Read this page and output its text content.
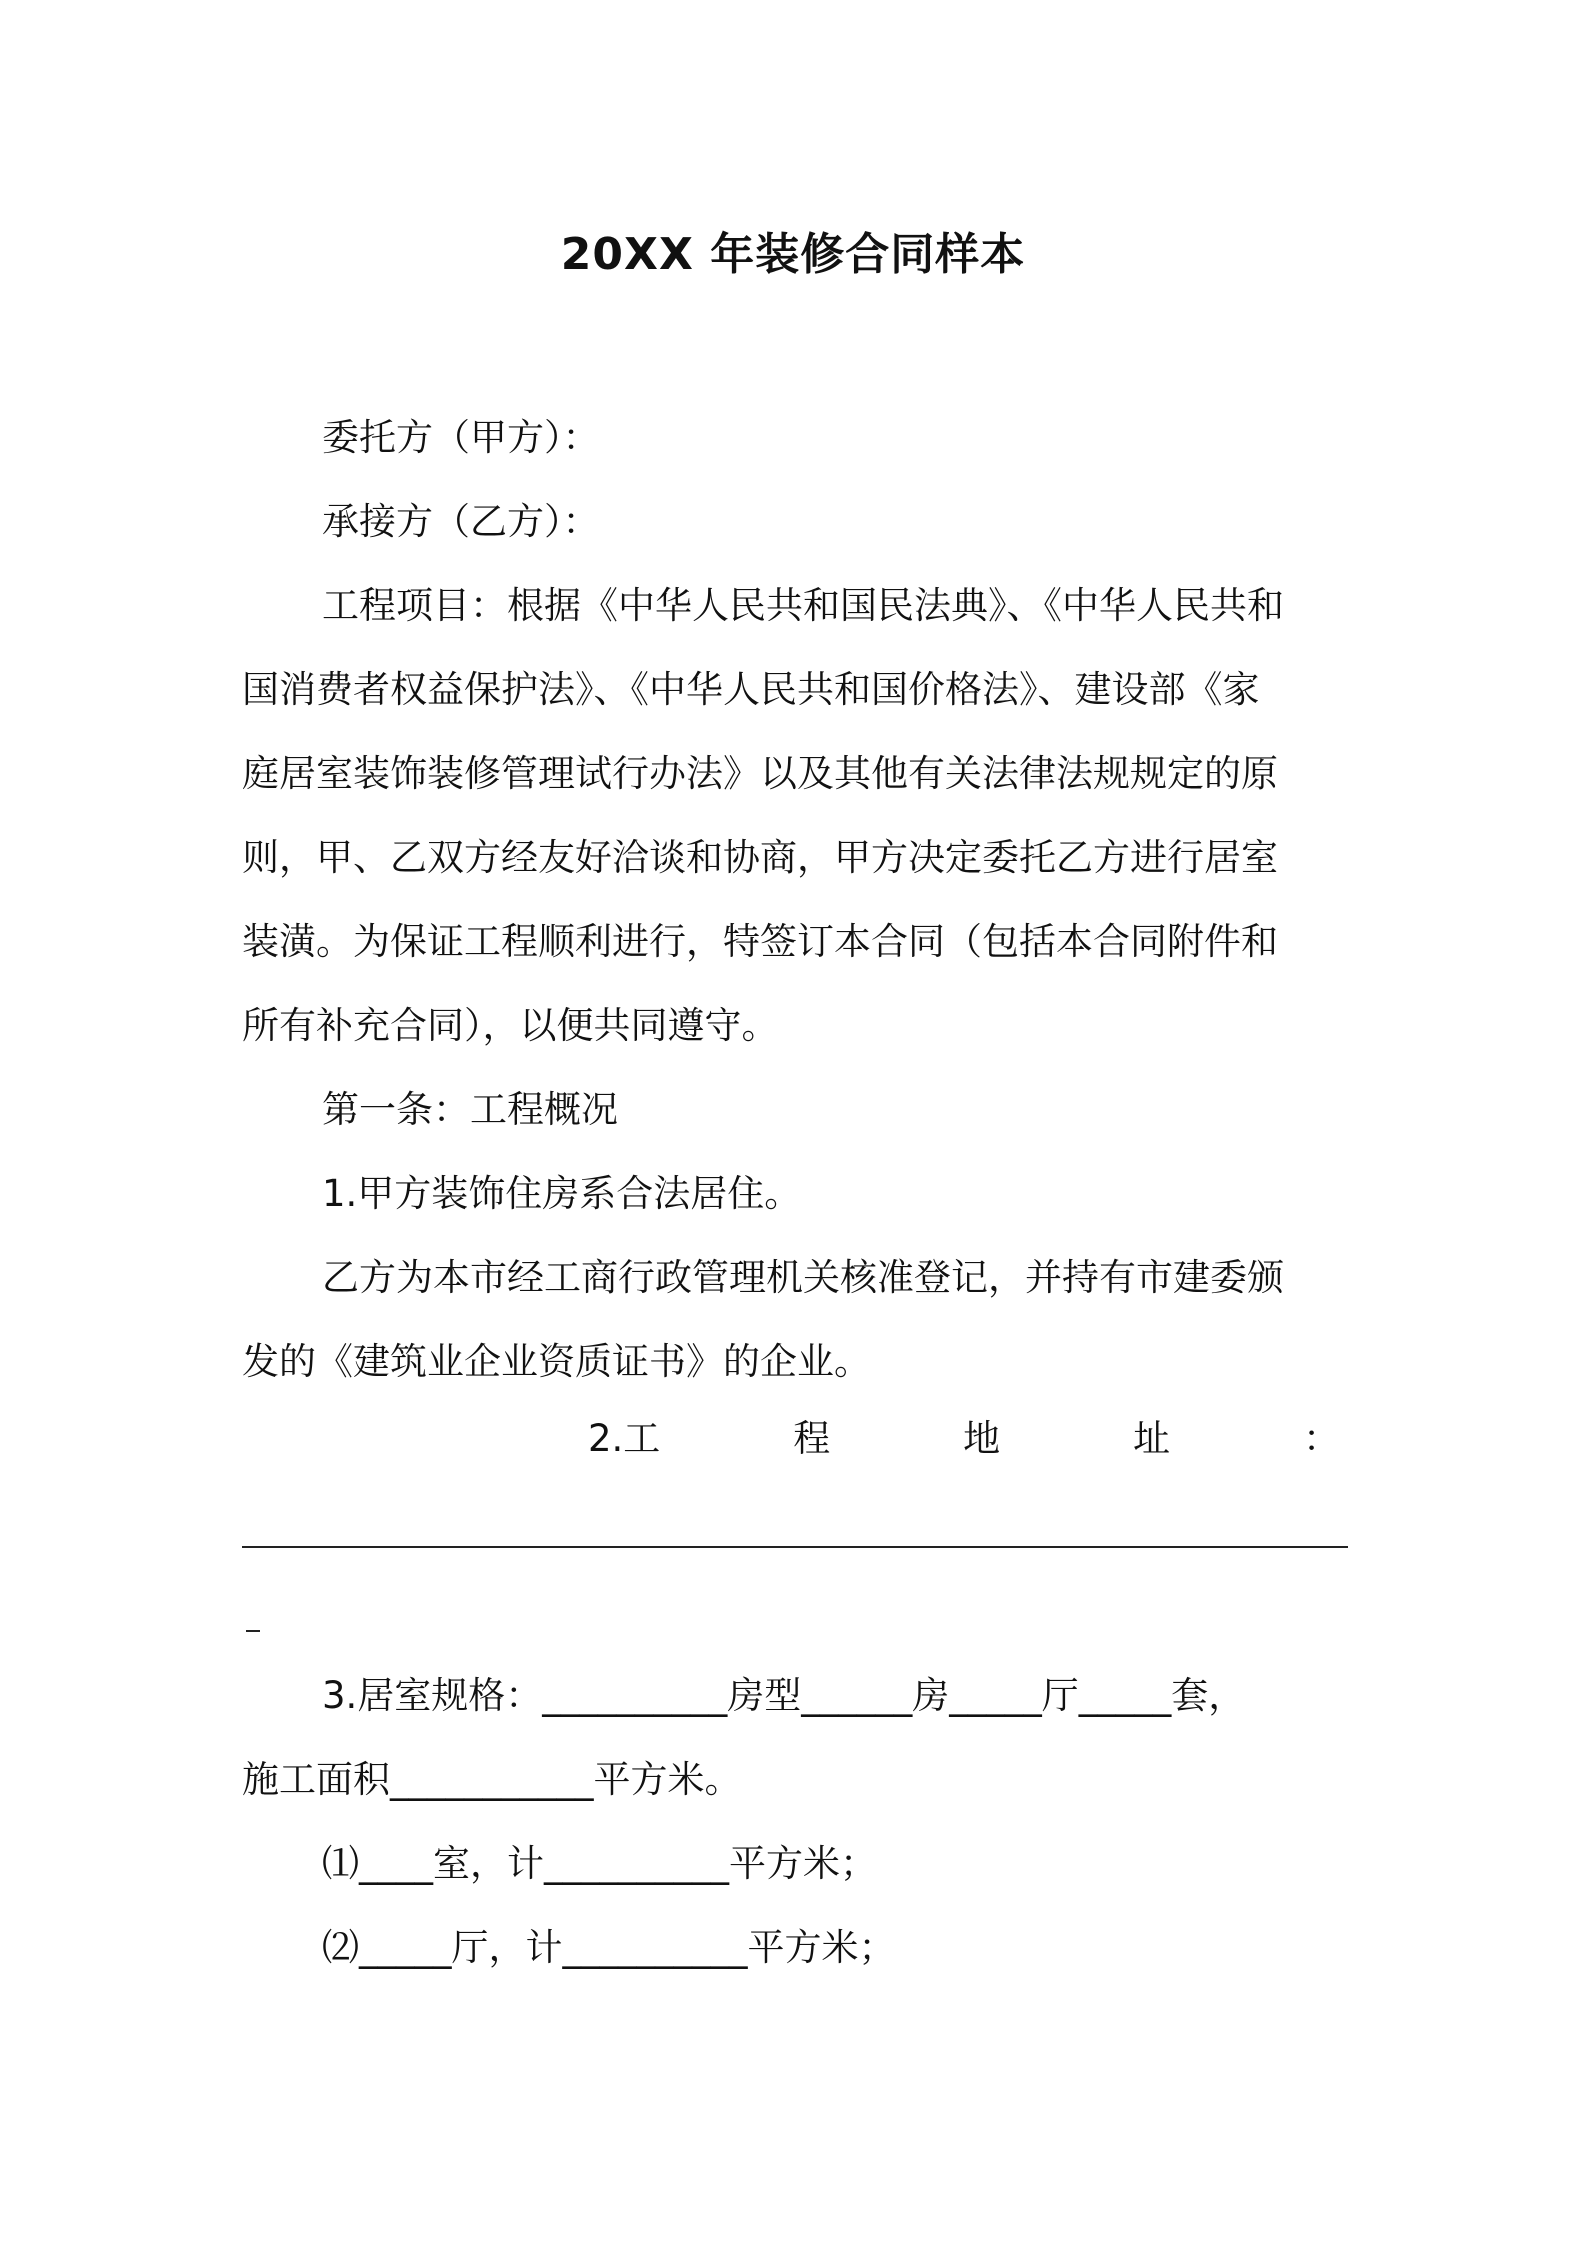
20XX 年装修合同样本
委托方（甲方）：
承接方（乙方）：
工程项目：根据《中华人民共和国民法典》、《中华人民共和
国消费者权益保护法》、《中华人民共和国价格法》、建设部《家
庭居室装饰装修管理试行办法》以及其他有关法律法规规定的原
则，甲、乙双方经友好洽谈和协商，甲方决定委托乙方进行居室
装潢。为保证工程顺利进行，特签订本合同（包括本合同附件和
所有补充合同），以便共同遵守。
第一条：工程概况
1.甲方装饰住房系合法居住。
乙方为本市经工商行政管理机关核准登记，并持有市建委颁
发的《建筑业企业资质证书》的企业。
2.工	程	地	址	：
3.居室规格：__________房型______房_____厅_____套，
施工面积___________平方米。
⑴____室，计__________平方米；
⑵_____厅，计__________平方米；
